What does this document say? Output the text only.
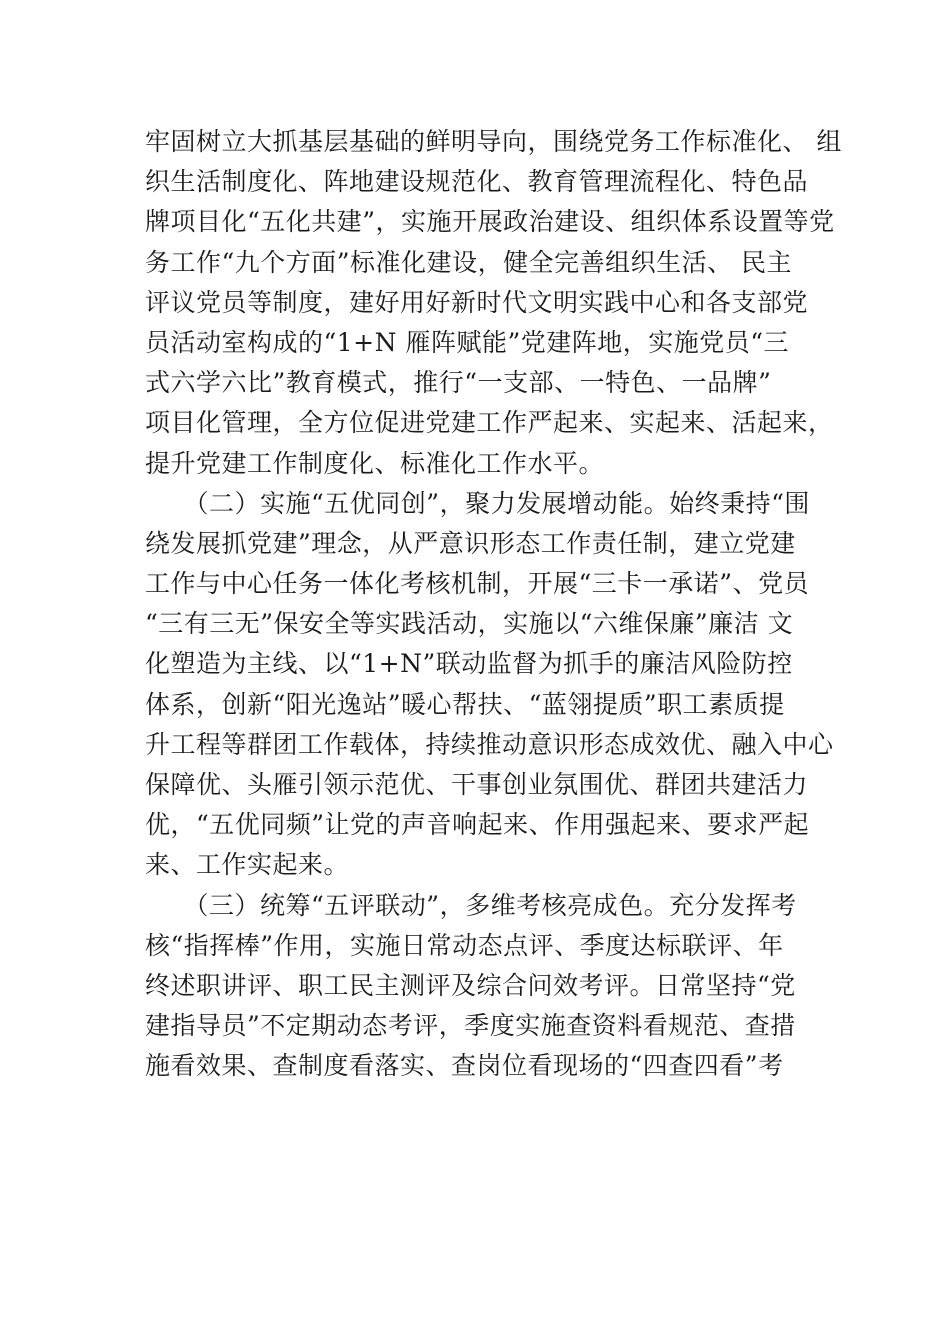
牢固树立大抓基层基础的鲜明导向，围绕党务工作标准化、 组
织生活制度化、阵地建设规范化、教育管理流程化、特色品
牌项目化“五化共建”，实施开展政治建设、组织体系设置等党
务工作“九个方面”标准化建设，健全完善组织生活、 民主
评议党员等制度，建好用好新时代文明实践中心和各支部党
员活动室构成的“1+N 雁阵赋能”党建阵地，实施党员“三
式六学六比”教育模式，推行“一支部、一特色、一品牌”
项目化管理，全方位促进党建工作严起来、实起来、活起来，
提升党建工作制度化、标准化工作水平。
　　（二）实施“五优同创”，聚力发展增动能。始终秉持“围
绕发展抓党建”理念，从严意识形态工作责任制，建立党建
工作与中心任务一体化考核机制，开展“三卡一承诺”、党员
“三有三无”保安全等实践活动，实施以“六维保廉”廉洁 文
化塑造为主线、以“1+N”联动监督为抓手的廉洁风险防控
体系，创新“阳光逸站”暖心帮扶、“蓝翎提质”职工素质提
升工程等群团工作载体，持续推动意识形态成效优、融入中心
保障优、头雁引领示范优、干事创业氛围优、群团共建活力
优，“五优同频”让党的声音响起来、作用强起来、要求严起
来、工作实起来。
　　（三）统筹“五评联动”，多维考核亮成色。充分发挥考
核“指挥棒”作用，实施日常动态点评、季度达标联评、年
终述职讲评、职工民主测评及综合问效考评。日常坚持“党
建指导员”不定期动态考评，季度实施查资料看规范、查措
施看效果、查制度看落实、查岗位看现场的“四查四看”考
